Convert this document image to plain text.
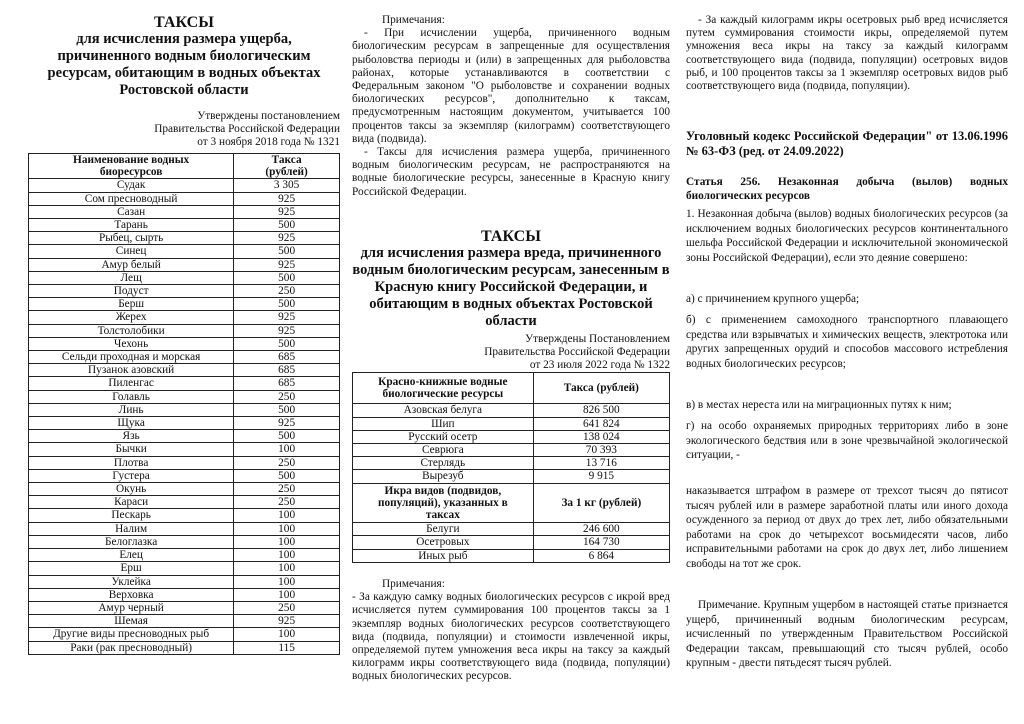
ТАКСЫ
для исчисления размера ущерба, причиненного водным биологическим ресурсам, обитающим в водных объектах Ростовской области

Утверждены постановлением

Правительства Российской Федерации

от 3 ноября 2018 года № 1321

Наименование водных биоресурсов	Такса (рублей)
Судак	3 305
Сом пресноводный	925
Сазан	925
Тарань	500
Рыбец, сырть	925
Синец	500
Амур белый	925
Лещ	500
Подуст	250
Берш	500
Жерех	925
Толстолобики	925
Чехонь	500
Сельди проходная и морская	685
Пузанок азовский	685
Пиленгас	685
Голавль	250
Линь	500
Щука	925
Язь	500
Бычки	100
Плотва	250
Густера	500
Окунь	250
Караси	250
Пескарь	100
Налим	100
Белоглазка	100
Елец	100
Ерш	100
Уклейка	100
Верховка	100
Амур черный	250
Шемая	925
Другие виды пресноводных рыб	100
Раки (рак пресноводный)	115

Примечания:

- При исчислении ущерба, причиненного водным биологическим ресурсам в запрещенные для осуществления рыболовства периоды и (или) в запрещенных для рыболовства районах, которые устанавливаются в соответствии с Федеральным законом "О рыболовстве и сохранении водных биологических ресурсов", дополнительно к таксам, предусмотренным настоящим документом, учитывается 100 процентов таксы за экземпляр (килограмм) соответствующего вида (подвида).

- Таксы для исчисления размера ущерба, причиненного водным биологическим ресурсам, не распространяются на водные биологические ресурсы, занесенные в Красную книгу Российской Федерации.

ТАКСЫ
для исчисления размера вреда, причиненного водным биологическим ресурсам, занесенным в Красную книгу Российской Федерации, и обитающим в водных объектах Ростовской области

Утверждены Постановлением

Правительства Российской Федерации

от 23 июля 2022 года № 1322

Красно-книжные водные биологические ресурсы	Такса (рублей)
Азовская белуга	826 500
Шип	641 824
Русский осетр	138 024
Севрюга	70 393
Стерлядь	13 716
Вырезуб	9 915
Икра видов (подвидов, популяций), указанных в таксах	За 1 кг (рублей)
Белуги	246 600
Осетровых	164 730
Иных рыб	6 864

Примечания:

- За каждую самку водных биологических ресурсов с икрой вред исчисляется путем суммирования 100 процентов таксы за 1 экземпляр водных биологических ресурсов соответствующего вида (подвида, популяции) и стоимости извлеченной икры, определяемой путем умножения веса икры на таксу за каждый килограмм икры соответствующего вида (подвида, популяции) водных биологических ресурсов.

- За каждый килограмм икры осетровых рыб вред исчисляется путем суммирования стоимости икры, определяемой путем умножения веса икры на таксу за каждый килограмм соответствующего вида (подвида, популяции) осетровых видов рыб, и 100 процентов таксы за 1 экземпляр осетровых видов рыб соответствующего вида (подвида, популяции).

Уголовный кодекс Российской Федерации" от 13.06.1996 № 63-ФЗ (ред. от 24.09.2022)

Статья 256. Незаконная добыча (вылов) водных биологических ресурсов

1. Незаконная добыча (вылов) водных биологических ресурсов (за исключением водных биологических ресурсов континентального шельфа Российской Федерации и исключительной экономической зоны Российской Федерации), если это деяние совершено:

а) с причинением крупного ущерба;

б) с применением самоходного транспортного плавающего средства или взрывчатых и химических веществ, электротока или других запрещенных орудий и способов массового истребления водных биологических ресурсов;

в) в местах нереста или на миграционных путях к ним;

г) на особо охраняемых природных территориях либо в зоне экологического бедствия или в зоне чрезвычайной экологической ситуации, -

наказывается штрафом в размере от трехсот тысяч до пятисот тысяч рублей или в размере заработной платы или иного дохода осужденного за период от двух до трех лет, либо обязательными работами на срок до четырехсот восьмидесяти часов, либо исправительными работами на срок до двух лет, либо лишением свободы на тот же срок.

Примечание. Крупным ущербом в настоящей статье признается ущерб, причиненный водным биологическим ресурсам, исчисленный по утвержденным Правительством Российской Федерации таксам, превышающий сто тысяч рублей, особо крупным - двести пятьдесят тысяч рублей.
